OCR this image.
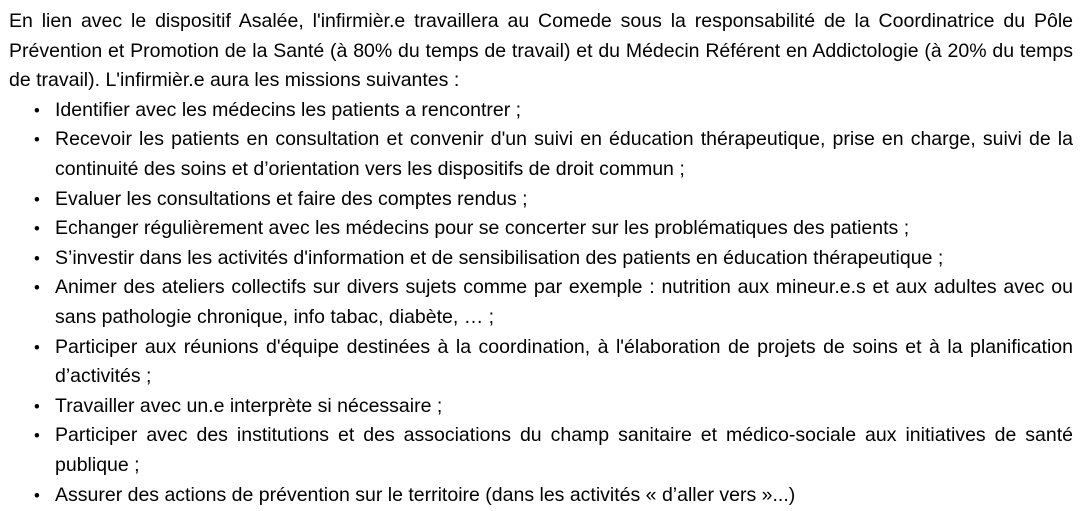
En lien avec le dispositif Asalée, l'infirmièr.e travaillera au Comede sous la responsabilité de la Coordinatrice du Pôle Prévention et Promotion de la Santé (à 80% du temps de travail) et du Médecin Référent en Addictologie (à 20% du temps de travail). L'infirmièr.e aura les missions suivantes :

• Identifier avec les médecins les patients a rencontrer ;
• Recevoir les patients en consultation et convenir d'un suivi en éducation thérapeutique, prise en charge, suivi de la continuité des soins et d’orientation vers les dispositifs de droit commun ;
• Evaluer les consultations et faire des comptes rendus ;
• Echanger régulièrement avec les médecins pour se concerter sur les problématiques des patients ;
• S’investir dans les activités d'information et de sensibilisation des patients en éducation thérapeutique ;
• Animer des ateliers collectifs sur divers sujets comme par exemple : nutrition aux mineur.e.s et aux adultes avec ou sans pathologie chronique, info tabac, diabète, … ;
• Participer aux réunions d'équipe destinées à la coordination, à l'élaboration de projets de soins et à la planification d’activités ;
• Travailler avec un.e interprète si nécessaire ;
• Participer avec des institutions et des associations du champ sanitaire et médico-sociale aux initiatives de santé publique ;
• Assurer des actions de prévention sur le territoire (dans les activités « d’aller vers »...)
